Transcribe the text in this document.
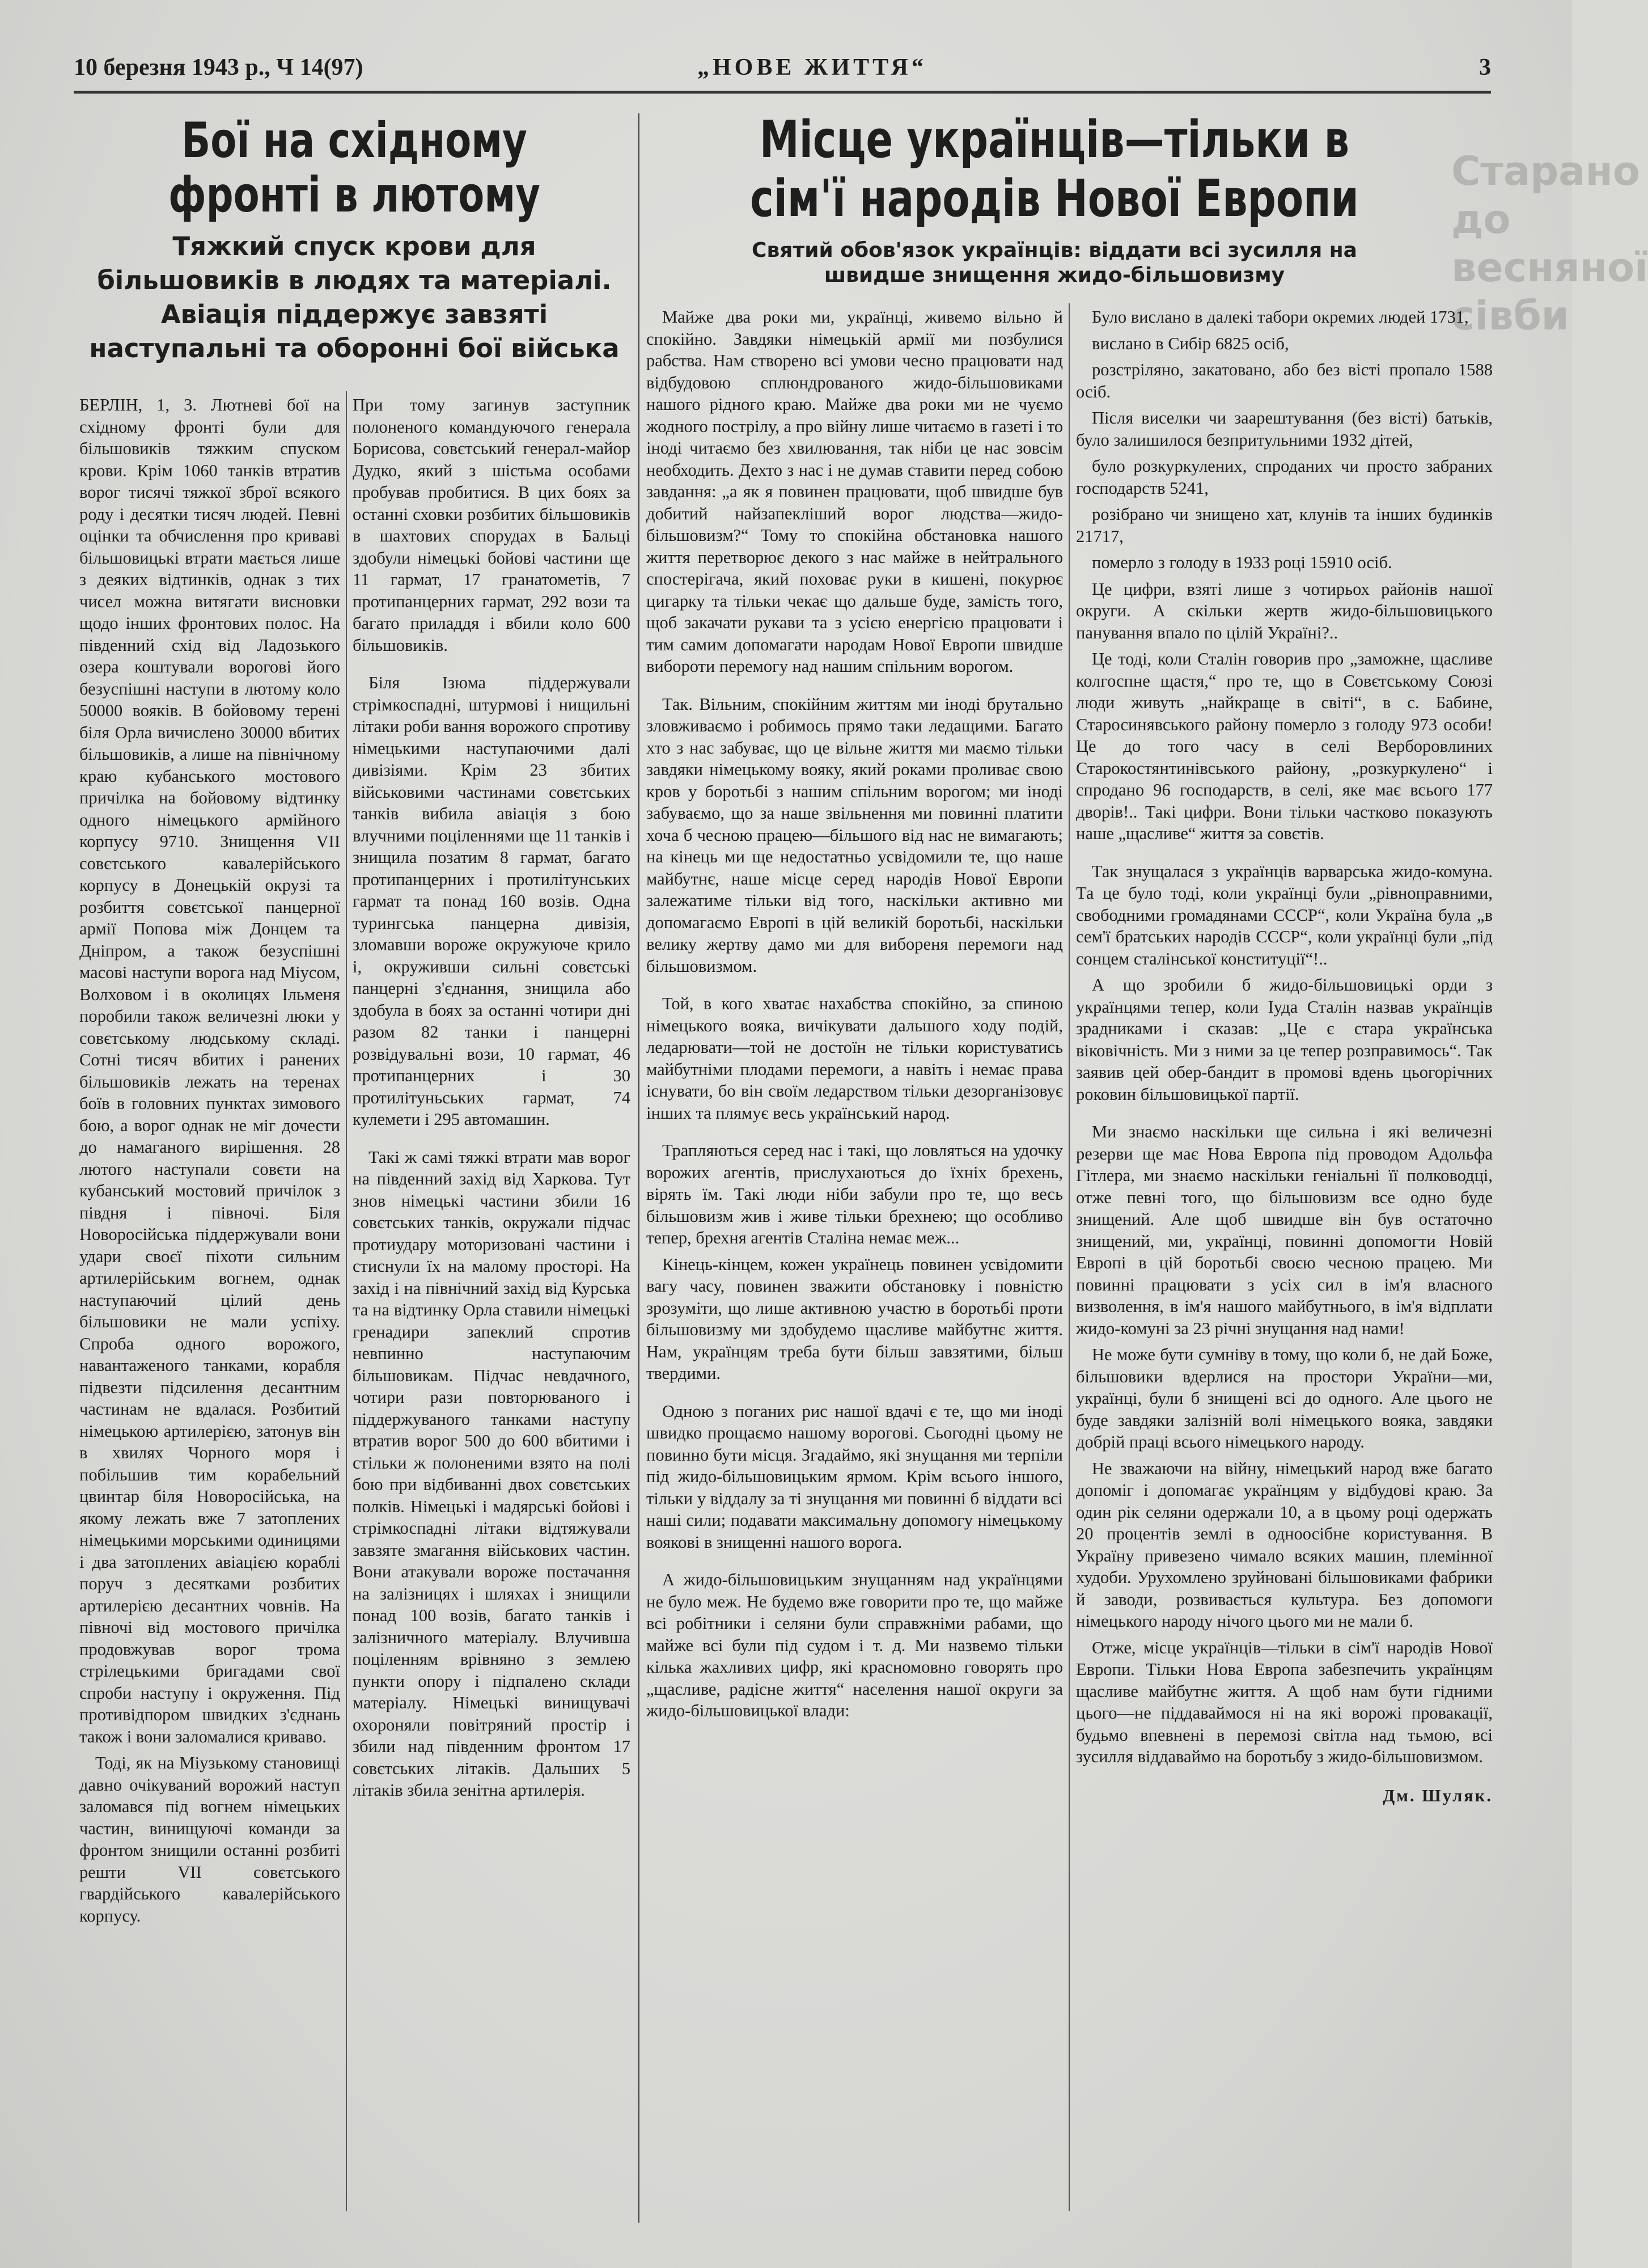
10 березня 1943 р., Ч 14(97)	„НОВЕ ЖИТТЯ“	3
Старано до весняної сівби
Бої на східному фронті в лютому
Тяжкий спуск крови для більшовиків в людях та матеріалі. Авіація піддержує завзяті наступальні та оборонні бої війська

БЕРЛІН, 1, 3. Лютневі бої на східному фронті були для більшовиків тяжким спуском крови. Крім 1060 танків втратив ворог тисячі тяжкої зброї всякого роду і десятки тисяч людей. Певні оцінки та обчислення про криваві більшовицькі втрати мається лише з деяких відтинків, однак з тих чисел можна витягати висновки щодо інших фронтових полос. На південний схід від Ладозького озера коштували ворогові його безуспішні наступи в лютому коло 50000 вояків. В бойовому терені біля Орла вичислено 30000 вбитих більшовиків, а лише на північному краю кубанського мостового причілка на бойовому відтинку одного німецького армійного корпусу 9710. Знищення VII совєтського кавалерійського корпусу в Донецькій окрузі та розбиття совєтської панцерної армії Попова між Донцем та Дніпром, а також безуспішні масові наступи ворога над Міусом, Волховом і в околицях Ільменя поробили також величезні люки у совєтському людському складі. Сотні тисяч вбитих і ранених більшовиків лежать на теренах боїв в головних пунктах зимового бою, а ворог однак не міг дочести до намаганого вирішення. 28 лютого наступали совєти на кубанський мостовий причілок з півдня і півночі. Біля Новоросійська піддержували вони удари своєї піхоти сильним артилерійським вогнем, однак наступаючий цілий день більшовики не мали успіху. Спроба одного ворожого, навантаженого танками, корабля підвезти підсилення десантним частинам не вдалася. Розбитий німецькою артилерією, затонув він в хвилях Чорного моря і побільшив тим корабельний цвинтар біля Новоросійська, на якому лежать вже 7 затоплених німецькими морськими одиницями і два затоплених авіацією кораблі поруч з десятками розбитих артилерією десантних човнів. На півночі від мостового причілка продовжував ворог трома стрілецькими бригадами свої спроби наступу і окруження. Під противідпором швидких з'єднань також і вони заломалися криваво.

Тоді, як на Міузькому становищі давно очікуваний ворожий наступ заломався під вогнем німецьких частин, винищуючі команди за фронтом знищили останні розбиті решти VII совєтського гвардійського кавалерійського корпусу.

При тому загинув заступник полоненого командуючого генерала Борисова, совєтський генерал-майор Дудко, який з шістьма особами пробував пробитися. В цих боях за останні сховки розбитих більшовиків в шахтових спорудах в Бальці здобули німецькі бойові частини ще 11 гармат, 17 гранатометів, 7 протипанцерних гармат, 292 вози та багато приладдя і вбили коло 600 більшовиків.

Біля Ізюма піддержували стрімкоспадні, штурмові і нищильні літаки роби вання ворожого спротиву німецькими наступаючими далі дивізіями. Крім 23 збитих військовими частинами совєтських танків вибила авіація з бою влучними поціленнями ще 11 танків і знищила позатим 8 гармат, багато протипанцерних і протилітунських гармат та понад 160 возів. Одна турингська панцерна дивізія, зломавши вороже окружуюче крило і, окруживши сильні совєтські панцерні з'єднання, знищила або здобула в боях за останні чотири дні разом 82 танки і панцерні розвідувальні вози, 10 гармат, 46 протипанцерних і 30 протилітуньських гармат, 74 кулемети і 295 автомашин.

Такі ж самі тяжкі втрати мав ворог на південний захід від Харкова. Тут знов німецькі частини збили 16 совєтських танків, окружали підчас протиудару моторизовані частини і стиснули їх на малому просторі. На захід і на північний захід від Курська та на відтинку Орла ставили німецькі гренадири запеклий спротив невпинно наступаючим більшовикам. Підчас невдачного, чотири рази повторюваного і піддержуваного танками наступу втратив ворог 500 до 600 вбитими і стільки ж полоненими взято на полі бою при відбиванні двох совєтських полків. Німецькі і мадярські бойові і стрімкоспадні літаки відтяжували завзяте змагання військових частин. Вони атакували вороже постачання на залізницях і шляхах і знищили понад 100 возів, багато танків і залізничного матеріалу. Влучивша поціленням врівняно з землею пункти опору і підпалено склади матеріалу. Німецькі винищувачі охороняли повітряний простір і збили над південним фронтом 17 совєтських літаків. Дальших 5 літаків збила зенітна артилерія.

Місце українців—тільки в сім'ї народів Нової Европи
Святий обов'язок українців: віддати всі зусилля на швидше знищення жидо-більшовизму

Майже два роки ми, українці, живемо вільно й спокійно. Завдяки німецькій армії ми позбулися рабства. Нам створено всі умови чесно працювати над відбудовою сплюндрованого жидо-більшовиками нашого рідного краю. Майже два роки ми не чуємо жодного пострілу, а про війну лише читаємо в газеті і то іноді читаємо без хвилювання, так ніби це нас зовсім необходить. Дехто з нас і не думав ставити перед собою завдання: „а як я повинен працювати, щоб швидше був добитий найзапекліший ворог людства—жидо-більшовизм?“ Тому то спокійна обстановка нашого життя перетворює декого з нас майже в нейтрального спостерігача, який поховає руки в кишені, покурює цигарку та тільки чекає що дальше буде, замість того, щоб закачати рукави та з усією енергією працювати і тим самим допомагати народам Нової Европи швидше вибороти перемогу над нашим спільним ворогом.

Так. Вільним, спокійним життям ми іноді брутально зловживаємо і робимось прямо таки ледащими. Багато хто з нас забуває, що це вільне життя ми маємо тільки завдяки німецькому вояку, який роками проливає свою кров у боротьбі з нашим спільним ворогом; ми іноді забуваємо, що за наше звільнення ми повинні платити хоча б чесною працею—більшого від нас не вимагають; на кінець ми ще недостатньо усвідомили те, що наше майбутнє, наше місце серед народів Нової Европи залежатиме тільки від того, наскільки активно ми допомагаємо Европі в цій великій боротьбі, наскільки велику жертву дамо ми для вибореня перемоги над більшовизмом.

Той, в кого хватає нахабства спокійно, за спиною німецького вояка, вичікувати дальшого ходу подій, ледарювати—той не достоїн не тільки користуватись майбутніми плодами перемоги, а навіть і немає права існувати, бо він своїм ледарством тільки дезорганізовує інших та плямує весь український народ.

Трапляються серед нас і такі, що ловляться на удочку ворожих агентів, прислухаються до їхніх брехень, вірять їм. Такі люди ніби забули про те, що весь більшовизм жив і живе тільки брехнею; що особливо тепер, брехня агентів Сталіна немає меж...

Кінець-кінцем, кожен українець повинен усвідомити вагу часу, повинен зважити обстановку і повністю зрозуміти, що лише активною участю в боротьбі проти більшовизму ми здобудемо щасливе майбутнє життя. Нам, українцям треба бути більш завзятими, більш твердими.

Одною з поганих рис нашої вдачі є те, що ми іноді швидко прощаємо нашому ворогові. Сьогодні цьому не повинно бути місця. Згадаймо, які знущання ми терпіли під жидо-більшовицьким ярмом. Крім всього іншого, тільки у віддалу за ті знущання ми повинні б віддати всі наші сили; подавати максимальну допомогу німецькому воякові в знищенні нашого ворога.

А жидо-більшовицьким знущанням над українцями не було меж. Не будемо вже говорити про те, що майже всі робітники і селяни були справжніми рабами, що майже всі були під судом і т. д. Ми назвемо тільки кілька жахливих цифр, які красномовно говорять про „щасливе, радісне життя“ населення нашої округи за жидо-більшовицької влади:

Було вислано в далекі табори окремих людей 1731,

вислано в Сибір 6825 осіб,

розстріляно, закатовано, або без вісті пропало 1588 осіб.

Після виселки чи заарештування (без вісті) батьків, було залишилося безпритульними 1932 дітей,

було розкуркулених, спроданих чи просто забраних господарств 5241,

розібрано чи знищено хат, клунів та інших будинків 21717,

померло з голоду в 1933 році 15910 осіб.

Це цифри, взяті лише з чотирьох районів нашої округи. А скільки жертв жидо-більшовицького панування впало по цілій Україні?..

Це тоді, коли Сталін говорив про „заможне, щасливе колгоспне щастя,“ про те, що в Совєтському Союзі люди живуть „найкраще в світі“, в с. Бабине, Старосинявського району померло з голоду 973 особи! Це до того часу в селі Верборовлиних Старокостянтинівського району, „розкуркулено“ і спродано 96 господарств, в селі, яке має всього 177 дворів!.. Такі цифри. Вони тільки частково показують наше „щасливе“ життя за совєтів.

Так знущалася з українців варварська жидо-комуна. Та це було тоді, коли українці були „рівноправними, свободними громадянами СССР“, коли Україна була „в сем'ї братських народів СССР“, коли українці були „під сонцем сталінської конституції“!..

А що зробили б жидо-більшовицькі орди з українцями тепер, коли Іуда Сталін назвав українців зрадниками і сказав: „Це є стара українська віковічність. Ми з ними за це тепер розправимось“. Так заявив цей обер-бандит в промові вдень цьогорічних роковин більшовицької партії.

Ми знаємо наскільки ще сильна і які величезні резерви ще має Нова Европа під проводом Адольфа Гітлера, ми знаємо наскільки геніальні її полководці, отже певні того, що більшовизм все одно буде знищений. Але щоб швидше він був остаточно знищений, ми, українці, повинні допомогти Новій Европі в цій боротьбі своєю чесною працею. Ми повинні працювати з усіх сил в ім'я власного визволення, в ім'я нашого майбутнього, в ім'я відплати жидо-комуні за 23 річні знущання над нами!

Не може бути сумніву в тому, що коли б, не дай Боже, більшовики вдерлися на простори України—ми, українці, були б знищені всі до одного. Але цього не буде завдяки залізній волі німецького вояка, завдяки добрій праці всього німецького народу.

Не зважаючи на війну, німецький народ вже багато допоміг і допомагає українцям у відбудові краю. За один рік селяни одержали 10, а в цьому році одержать 20 процентів землі в одноосібне користування. В Україну привезено чимало всяких машин, племінної худоби. Урухомлено зруйновані більшовиками фабрики й заводи, розвивається культура. Без допомоги німецького народу нічого цього ми не мали б.

Отже, місце українців—тільки в сім'ї народів Нової Европи. Тільки Нова Европа забезпечить українцям щасливе майбутнє життя. А щоб нам бути гідними цього—не піддаваймося ні на які ворожі провакації, будьмо впевнені в перемозі світла над тьмою, всі зусилля віддаваймо на боротьбу з жидо-більшовизмом.

Дм. Шуляк.
